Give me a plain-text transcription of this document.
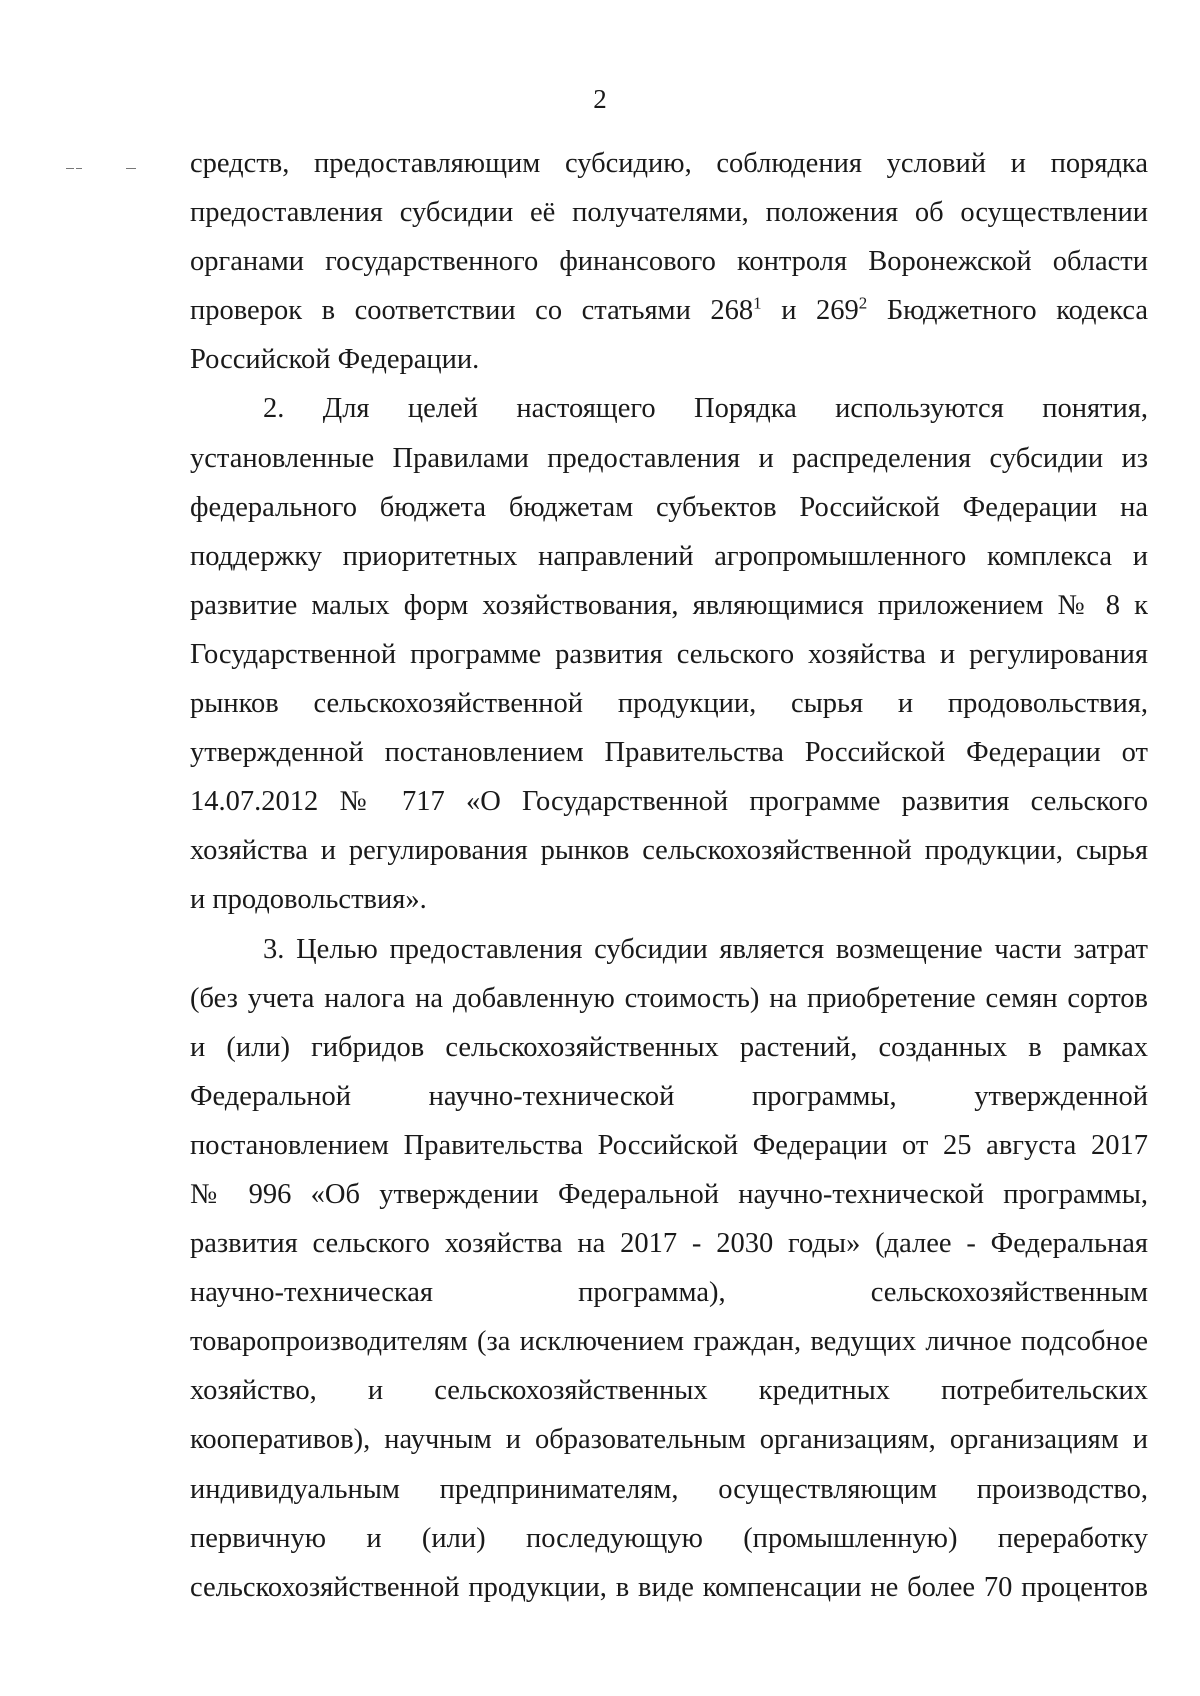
2
средств, предоставляющим субсидию, соблюдения условий и порядка
предоставления субсидии её получателями, положения об осуществлении
органами государственного финансового контроля Воронежской области
проверок в соответствии со статьями $268^1$ и $269^2$ Бюджетного кодекса
Российской Федерации.
2. Для целей настоящего Порядка используются понятия,
установленные Правилами предоставления и распределения субсидии из
федерального бюджета бюджетам субъектов Российской Федерации на
поддержку приоритетных направлений агропромышленного комплекса и
развитие малых форм хозяйствования, являющимися приложением № 8 к
Государственной программе развития сельского хозяйства и регулирования
рынков сельскохозяйственной продукции, сырья и продовольствия,
утвержденной постановлением Правительства Российской Федерации от
14.07.2012 № 717 «О Государственной программе развития сельского
хозяйства и регулирования рынков сельскохозяйственной продукции, сырья
и продовольствия».
3. Целью предоставления субсидии является возмещение части затрат
(без учета налога на добавленную стоимость) на приобретение семян сортов
и (или) гибридов сельскохозяйственных растений, созданных в рамках
Федеральной научно-технической программы, утвержденной
постановлением Правительства Российской Федерации от 25 августа 2017
№ 996 «Об утверждении Федеральной научно-технической программы,
развития сельского хозяйства на 2017 - 2030 годы» (далее - Федеральная
научно-техническая программа), сельскохозяйственным
товаропроизводителям (за исключением граждан, ведущих личное подсобное
хозяйство, и сельскохозяйственных кредитных потребительских
кооперативов), научным и образовательным организациям, организациям и
индивидуальным предпринимателям, осуществляющим производство,
первичную и (или) последующую (промышленную) переработку
сельскохозяйственной продукции, в виде компенсации не более 70 процентов
